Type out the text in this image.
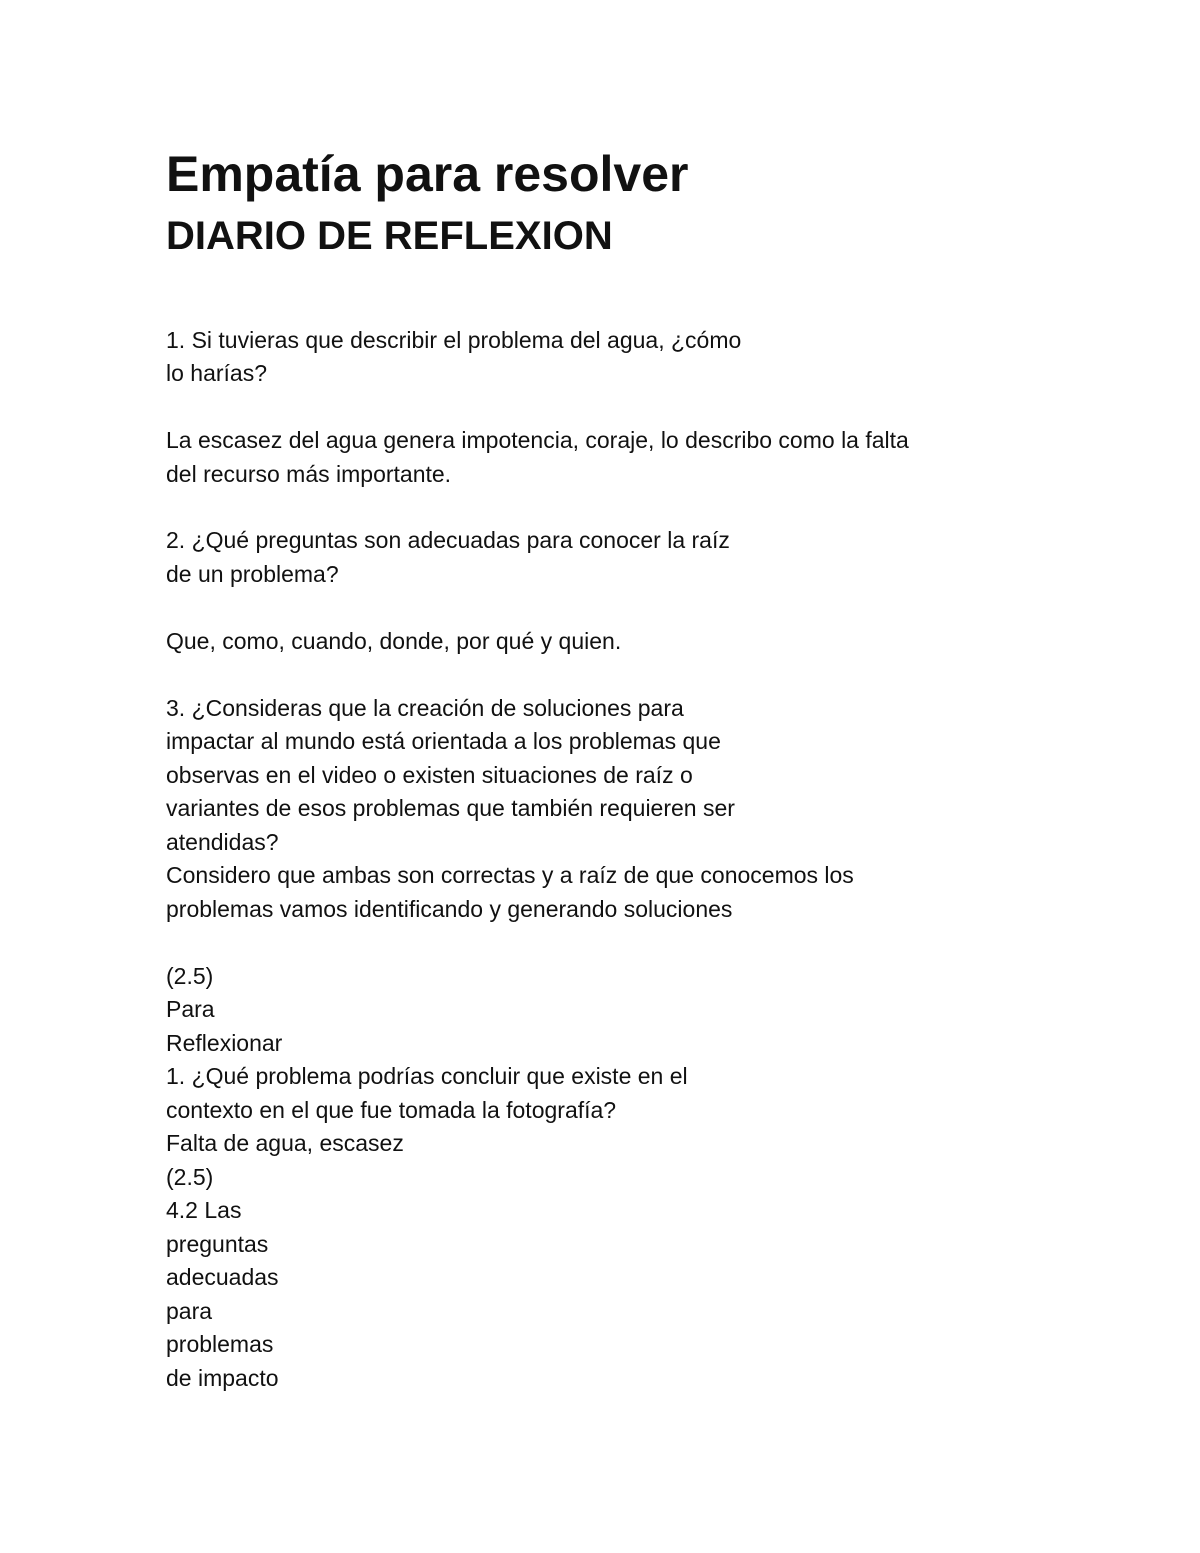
Empatía para resolver
DIARIO DE REFLEXION

1. Si tuvieras que describir el problema del agua, ¿cómo

lo harías?

La escasez del agua genera impotencia, coraje, lo describo como la falta

del recurso más importante.

2. ¿Qué preguntas son adecuadas para conocer la raíz

de un problema?

Que, como, cuando, donde, por qué y quien.

3. ¿Consideras que la creación de soluciones para

impactar al mundo está orientada a los problemas que

observas en el video o existen situaciones de raíz o

variantes de esos problemas que también requieren ser

atendidas?

Considero que ambas son correctas y a raíz de que conocemos los

problemas vamos identificando y generando soluciones

(2.5)

Para

Reflexionar

1. ¿Qué problema podrías concluir que existe en el

contexto en el que fue tomada la fotografía?

Falta de agua, escasez

(2.5)

4.2 Las

preguntas

adecuadas

para

problemas

de impacto
